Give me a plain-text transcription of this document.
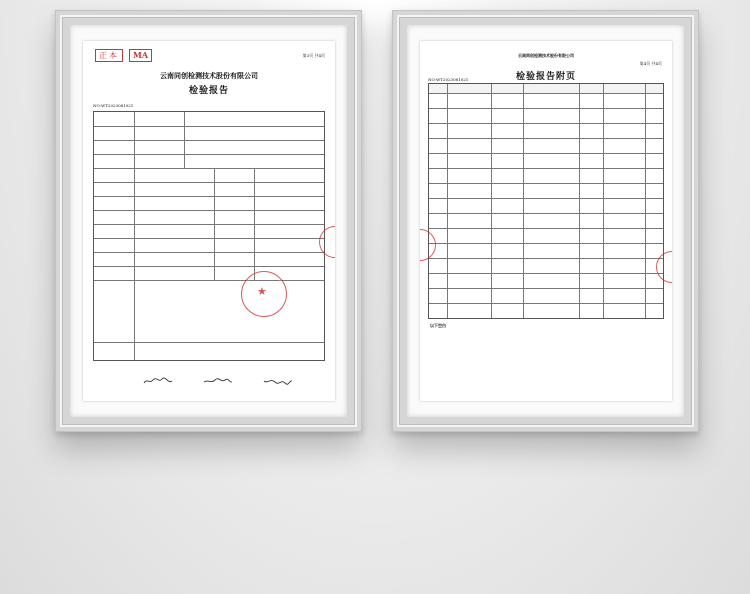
正本	MA	第3页 共4页
云南同创检测技术股份有限公司
检验报告
NO:WT2023081021
★
云南同创检测技术股份有限公司
第4页 共4页
检验报告附页
NO:WT2023081021
以下空白
